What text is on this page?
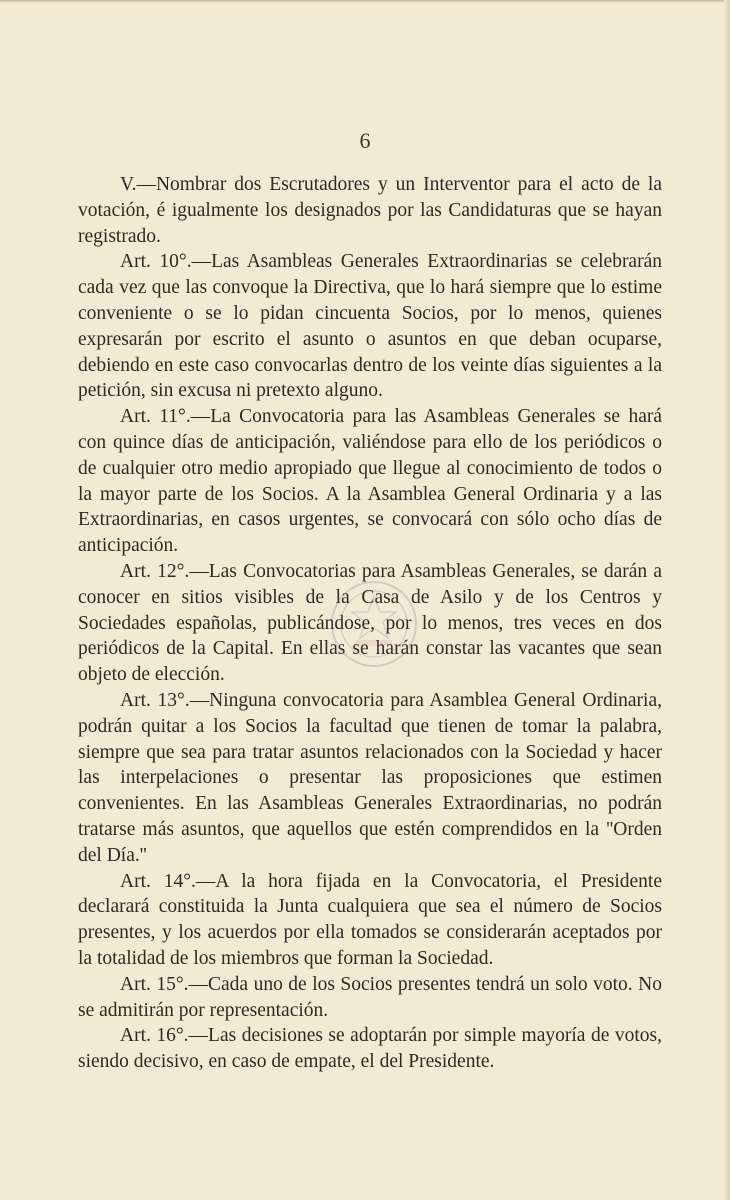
6

V.—Nombrar dos Escrutadores y un Interventor para el acto de la votación, é igualmente los designados por las Candidaturas que se hayan registrado.

Art. 10°.—Las Asambleas Generales Extraordinarias se celebrarán cada vez que las convoque la Directiva, que lo hará siempre que lo estime conveniente o se lo pidan cincuenta Socios, por lo menos, quienes expresarán por escrito el asunto o asuntos en que deban ocuparse, debiendo en este caso convocarlas dentro de los veinte días siguientes a la petición, sin excusa ni pretexto alguno.

Art. 11°.—La Convocatoria para las Asambleas Generales se hará con quince días de anticipación, valiéndose para ello de los periódicos o de cualquier otro medio apropiado que llegue al conocimiento de todos o la mayor parte de los Socios. A la Asamblea General Ordinaria y a las Extraordinarias, en casos urgentes, se convocará con sólo ocho días de anticipación.

Art. 12°.—Las Convocatorias para Asambleas Generales, se darán a conocer en sitios visibles de la Casa de Asilo y de los Centros y Sociedades españolas, publicándose, por lo menos, tres veces en dos periódicos de la Capital. En ellas se harán constar las vacantes que sean objeto de elección.

Art. 13°.—Ninguna convocatoria para Asamblea General Ordinaria, podrán quitar a los Socios la facultad que tienen de tomar la palabra, siempre que sea para tratar asuntos relacionados con la Sociedad y hacer las interpelaciones o presentar las proposiciones que estimen convenientes. En las Asambleas Generales Extraordinarias, no podrán tratarse más asuntos, que aquellos que estén comprendidos en la ''Orden del Día.''

Art. 14°.—A la hora fijada en la Convocatoria, el Presidente declarará constituida la Junta cualquiera que sea el número de Socios presentes, y los acuerdos por ella tomados se considerarán aceptados por la totalidad de los miembros que forman la Sociedad.

Art. 15°.—Cada uno de los Socios presentes tendrá un solo voto. No se admitirán por representación.

Art. 16°.—Las decisiones se adoptarán por simple mayoría de votos, siendo decisivo, en caso de empate, el del Presidente.
